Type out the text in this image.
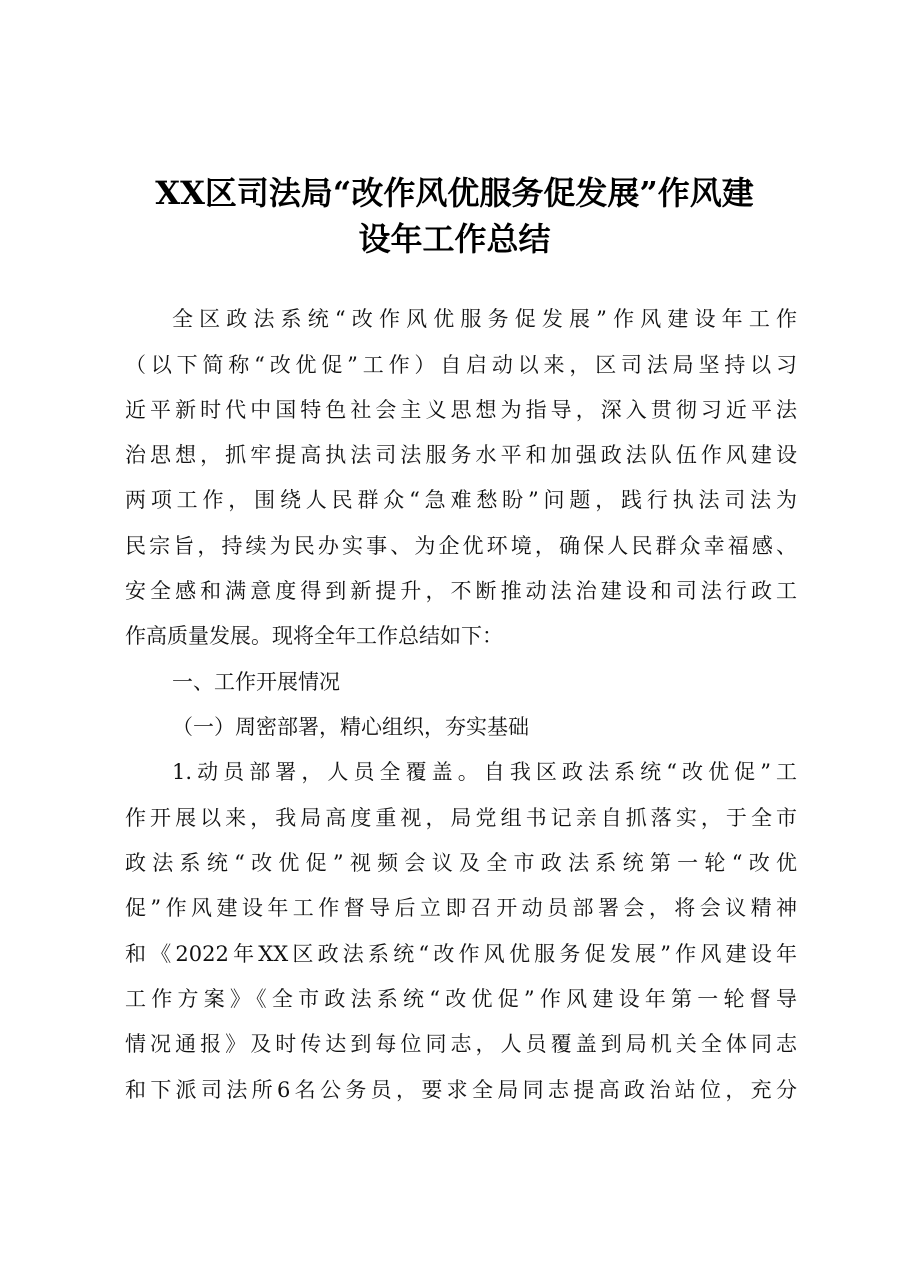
XX区司法局“改作风优服务促发展”作风建
设年工作总结
全区政法系统“改作风优服务促发展”作风建设年工作
（以下简称“改优促”工作）自启动以来，区司法局坚持以习
近平新时代中国特色社会主义思想为指导，深入贯彻习近平法
治思想，抓牢提高执法司法服务水平和加强政法队伍作风建设
两项工作，围绕人民群众“急难愁盼”问题，践行执法司法为
民宗旨，持续为民办实事、为企优环境，确保人民群众幸福感、
安全感和满意度得到新提升，不断推动法治建设和司法行政工
作高质量发展。现将全年工作总结如下：
一、工作开展情况
（一）周密部署，精心组织，夯实基础
1.动员部署，人员全覆盖。自我区政法系统“改优促”工
作开展以来，我局高度重视，局党组书记亲自抓落实，于全市
政法系统“改优促”视频会议及全市政法系统第一轮“改优
促”作风建设年工作督导后立即召开动员部署会，将会议精神
和《2022年XX区政法系统“改作风优服务促发展”作风建设年
工作方案》《全市政法系统“改优促”作风建设年第一轮督导
情况通报》及时传达到每位同志，人员覆盖到局机关全体同志
和下派司法所6名公务员，要求全局同志提高政治站位，充分
